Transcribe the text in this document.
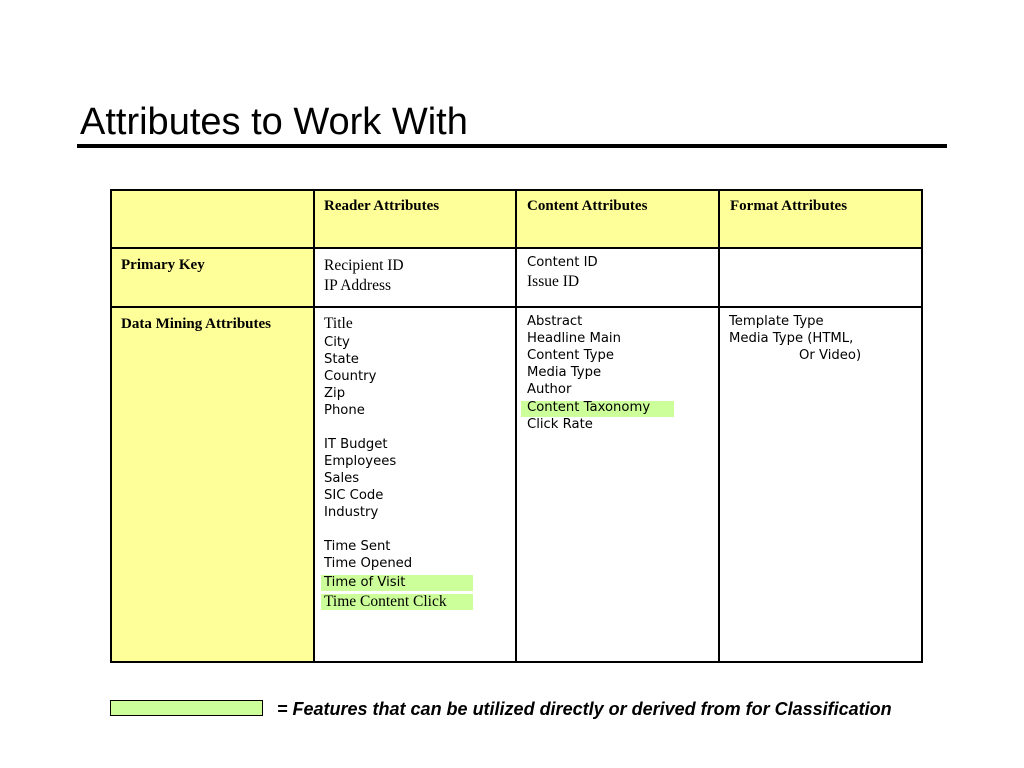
Attributes to Work With
Reader Attributes	Content Attributes	Format Attributes
Primary Key
Data Mining Attributes
Recipient ID
IP Address
Content ID
Issue ID
Title
City
State
Country
Zip
Phone
IT Budget
Employees
Sales
SIC Code
Industry
Time Sent
Time Opened
Time of Visit
Time Content Click
Abstract
Headline Main
Content Type
Media Type
Author
Content Taxonomy
Click Rate
Template Type
Media Type (HTML,
Or Video)
= Features that can be utilized directly or derived from for Classification
